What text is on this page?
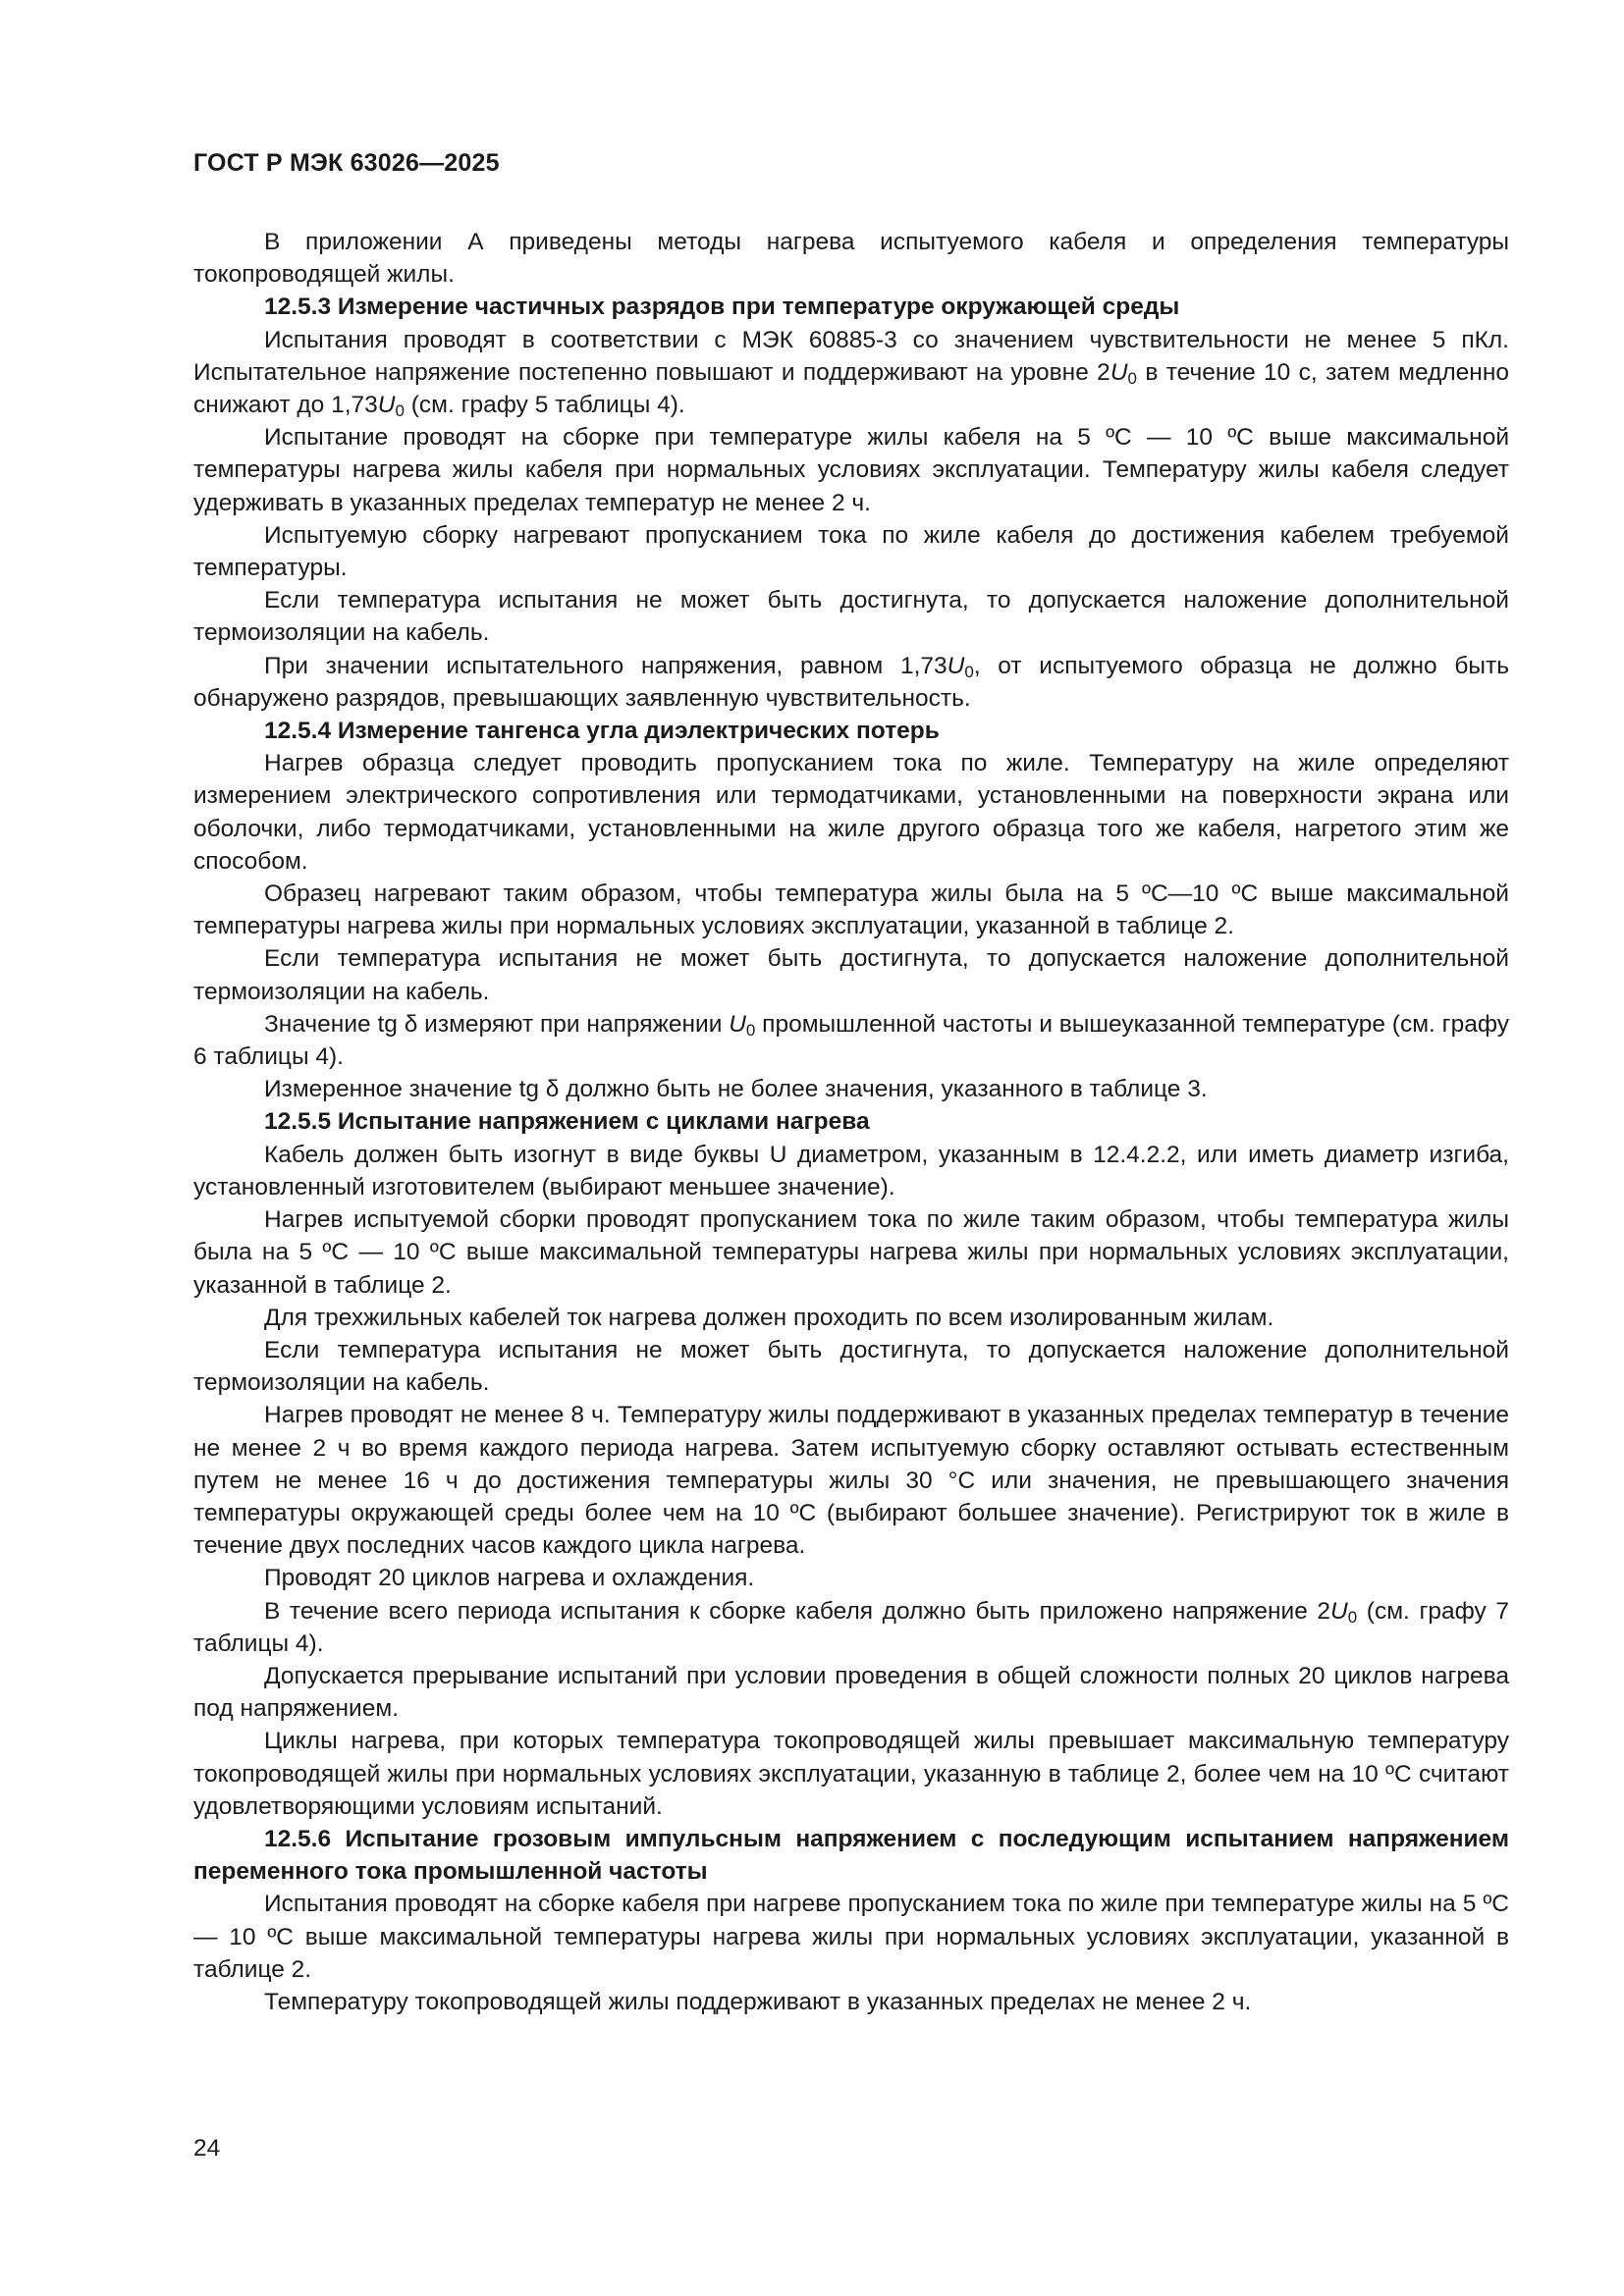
ГОСТ Р МЭК 63026—2025

В приложении А приведены методы нагрева испытуемого кабеля и определения температуры токопроводящей жилы.

12.5.3 Измерение частичных разрядов при температуре окружающей среды

Испытания проводят в соответствии с МЭК 60885-3 со значением чувствительности не менее 5 пКл. Испытательное напряжение постепенно повышают и поддерживают на уровне $2U_0$ в течение 10 с, затем медленно снижают до $1,73U_0$ (см. графу 5 таблицы 4).

Испытание проводят на сборке при температуре жилы кабеля на 5 ºС — 10 ºС выше максимальной температуры нагрева жилы кабеля при нормальных условиях эксплуатации. Температуру жилы кабеля следует удерживать в указанных пределах температур не менее 2 ч.

Испытуемую сборку нагревают пропусканием тока по жиле кабеля до достижения кабелем требуемой температуры.

Если температура испытания не может быть достигнута, то допускается наложение дополнительной термоизоляции на кабель.

При значении испытательного напряжения, равном $1,73U_0$, от испытуемого образца не должно быть обнаружено разрядов, превышающих заявленную чувствительность.

12.5.4 Измерение тангенса угла диэлектрических потерь

Нагрев образца следует проводить пропусканием тока по жиле. Температуру на жиле определяют измерением электрического сопротивления или термодатчиками, установленными на поверхности экрана или оболочки, либо термодатчиками, установленными на жиле другого образца того же кабеля, нагретого этим же способом.

Образец нагревают таким образом, чтобы температура жилы была на 5 ºС—10 ºС выше максимальной температуры нагрева жилы при нормальных условиях эксплуатации, указанной в таблице 2.

Если температура испытания не может быть достигнута, то допускается наложение дополнительной термоизоляции на кабель.

Значение tg δ измеряют при напряжении $U_0$ промышленной частоты и вышеуказанной температуре (см. графу 6 таблицы 4).

Измеренное значение tg δ должно быть не более значения, указанного в таблице 3.

12.5.5 Испытание напряжением с циклами нагрева

Кабель должен быть изогнут в виде буквы U диаметром, указанным в 12.4.2.2, или иметь диаметр изгиба, установленный изготовителем (выбирают меньшее значение).

Нагрев испытуемой сборки проводят пропусканием тока по жиле таким образом, чтобы температура жилы была на 5 ºС — 10 ºС выше максимальной температуры нагрева жилы при нормальных условиях эксплуатации, указанной в таблице 2.

Для трехжильных кабелей ток нагрева должен проходить по всем изолированным жилам.

Если температура испытания не может быть достигнута, то допускается наложение дополнительной термоизоляции на кабель.

Нагрев проводят не менее 8 ч. Температуру жилы поддерживают в указанных пределах температур в течение не менее 2 ч во время каждого периода нагрева. Затем испытуемую сборку оставляют остывать естественным путем не менее 16 ч до достижения температуры жилы 30 °С или значения, не превышающего значения температуры окружающей среды более чем на 10 ºС (выбирают большее значение). Регистрируют ток в жиле в течение двух последних часов каждого цикла нагрева.

Проводят 20 циклов нагрева и охлаждения.

В течение всего периода испытания к сборке кабеля должно быть приложено напряжение $2U_0$ (см. графу 7 таблицы 4).

Допускается прерывание испытаний при условии проведения в общей сложности полных 20 циклов нагрева под напряжением.

Циклы нагрева, при которых температура токопроводящей жилы превышает максимальную температуру токопроводящей жилы при нормальных условиях эксплуатации, указанную в таблице 2, более чем на 10 ºС считают удовлетворяющими условиям испытаний.

12.5.6 Испытание грозовым импульсным напряжением с последующим испытанием напряжением переменного тока промышленной частоты

Испытания проводят на сборке кабеля при нагреве пропусканием тока по жиле при температуре жилы на 5 ºС — 10 ºС выше максимальной температуры нагрева жилы при нормальных условиях эксплуатации, указанной в таблице 2.

Температуру токопроводящей жилы поддерживают в указанных пределах не менее 2 ч.

24
